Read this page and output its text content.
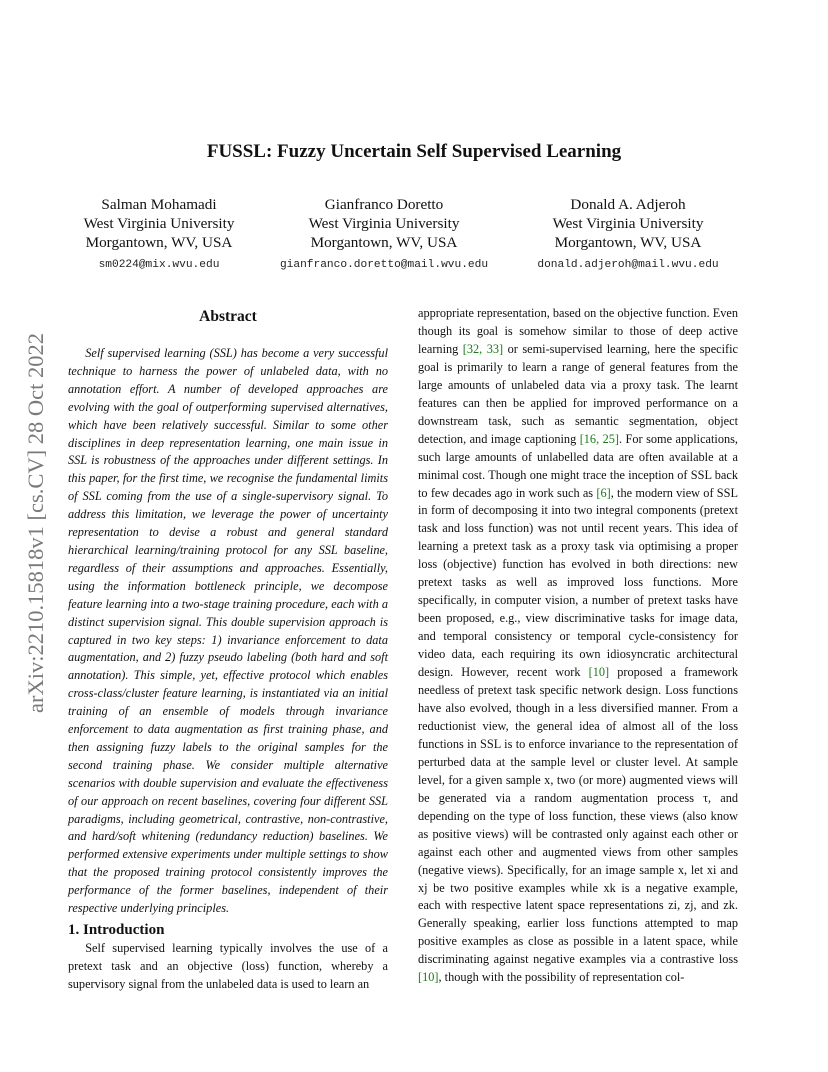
FUSSL: Fuzzy Uncertain Self Supervised Learning
Salman Mohamadi
West Virginia University
Morgantown, WV, USA
sm0224@mix.wvu.edu
Gianfranco Doretto
West Virginia University
Morgantown, WV, USA
gianfranco.doretto@mail.wvu.edu
Donald A. Adjeroh
West Virginia University
Morgantown, WV, USA
donald.adjeroh@mail.wvu.edu
arXiv:2210.15818v1 [cs.CV] 28 Oct 2022
Abstract
Self supervised learning (SSL) has become a very successful technique to harness the power of unlabeled data, with no annotation effort. A number of developed approaches are evolving with the goal of outperforming supervised alternatives, which have been relatively successful. Similar to some other disciplines in deep representation learning, one main issue in SSL is robustness of the approaches under different settings. In this paper, for the first time, we recognise the fundamental limits of SSL coming from the use of a single-supervisory signal. To address this limitation, we leverage the power of uncertainty representation to devise a robust and general standard hierarchical learning/training protocol for any SSL baseline, regardless of their assumptions and approaches. Essentially, using the information bottleneck principle, we decompose feature learning into a two-stage training procedure, each with a distinct supervision signal. This double supervision approach is captured in two key steps: 1) invariance enforcement to data augmentation, and 2) fuzzy pseudo labeling (both hard and soft annotation). This simple, yet, effective protocol which enables cross-class/cluster feature learning, is instantiated via an initial training of an ensemble of models through invariance enforcement to data augmentation as first training phase, and then assigning fuzzy labels to the original samples for the second training phase. We consider multiple alternative scenarios with double supervision and evaluate the effectiveness of our approach on recent baselines, covering four different SSL paradigms, including geometrical, contrastive, non-contrastive, and hard/soft whitening (redundancy reduction) baselines. We performed extensive experiments under multiple settings to show that the proposed training protocol consistently improves the performance of the former baselines, independent of their respective underlying principles.
1. Introduction
Self supervised learning typically involves the use of a pretext task and an objective (loss) function, whereby a supervisory signal from the unlabeled data is used to learn an
appropriate representation, based on the objective function. Even though its goal is somehow similar to those of deep active learning [32, 33] or semi-supervised learning, here the specific goal is primarily to learn a range of general features from the large amounts of unlabeled data via a proxy task. The learnt features can then be applied for improved performance on a downstream task, such as semantic segmentation, object detection, and image captioning [16, 25]. For some applications, such large amounts of unlabelled data are often available at a minimal cost. Though one might trace the inception of SSL back to few decades ago in work such as [6], the modern view of SSL in form of decomposing it into two integral components (pretext task and loss function) was not until recent years. This idea of learning a pretext task as a proxy task via optimising a proper loss (objective) function has evolved in both directions: new pretext tasks as well as improved loss functions. More specifically, in computer vision, a number of pretext tasks have been proposed, e.g., view discriminative tasks for image data, and temporal consistency or temporal cycle-consistency for video data, each requiring its own idiosyncratic architectural design. However, recent work [10] proposed a framework needless of pretext task specific network design. Loss functions have also evolved, though in a less diversified manner. From a reductionist view, the general idea of almost all of the loss functions in SSL is to enforce invariance to the representation of perturbed data at the sample level or cluster level. At sample level, for a given sample x, two (or more) augmented views will be generated via a random augmentation process τ, and depending on the type of loss function, these views (also know as positive views) will be contrasted only against each other or against each other and augmented views from other samples (negative views). Specifically, for an image sample x, let xi and xj be two positive examples while xk is a negative example, each with respective latent space representations zi, zj, and zk. Generally speaking, earlier loss functions attempted to map positive examples as close as possible in a latent space, while discriminating against negative examples via a contrastive loss [10], though with the possibility of representation col-
